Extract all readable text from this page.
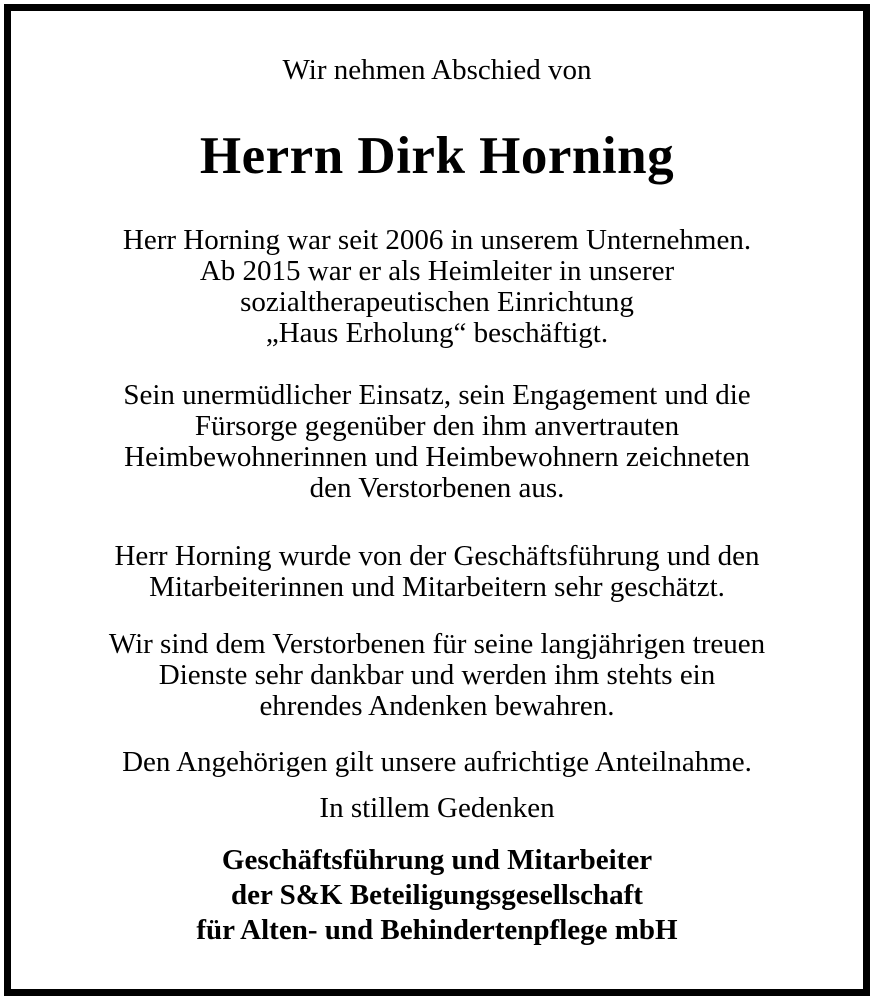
Wir nehmen Abschied von
Herrn Dirk Horning
Herr Horning war seit 2006 in unserem Unternehmen.
Ab 2015 war er als Heimleiter in unserer
sozialtherapeutischen Einrichtung
„Haus Erholung“ beschäftigt.
Sein unermüdlicher Einsatz, sein Engagement und die
Fürsorge gegenüber den ihm anvertrauten
Heimbewohnerinnen und Heimbewohnern zeichneten
den Verstorbenen aus.
Herr Horning wurde von der Geschäftsführung und den
Mitarbeiterinnen und Mitarbeitern sehr geschätzt.
Wir sind dem Verstorbenen für seine langjährigen treuen
Dienste sehr dankbar und werden ihm stehts ein
ehrendes Andenken bewahren.
Den Angehörigen gilt unsere aufrichtige Anteilnahme.
In stillem Gedenken
Geschäftsführung und Mitarbeiter
der S&K Beteiligungsgesellschaft
für Alten- und Behindertenpflege mbH
